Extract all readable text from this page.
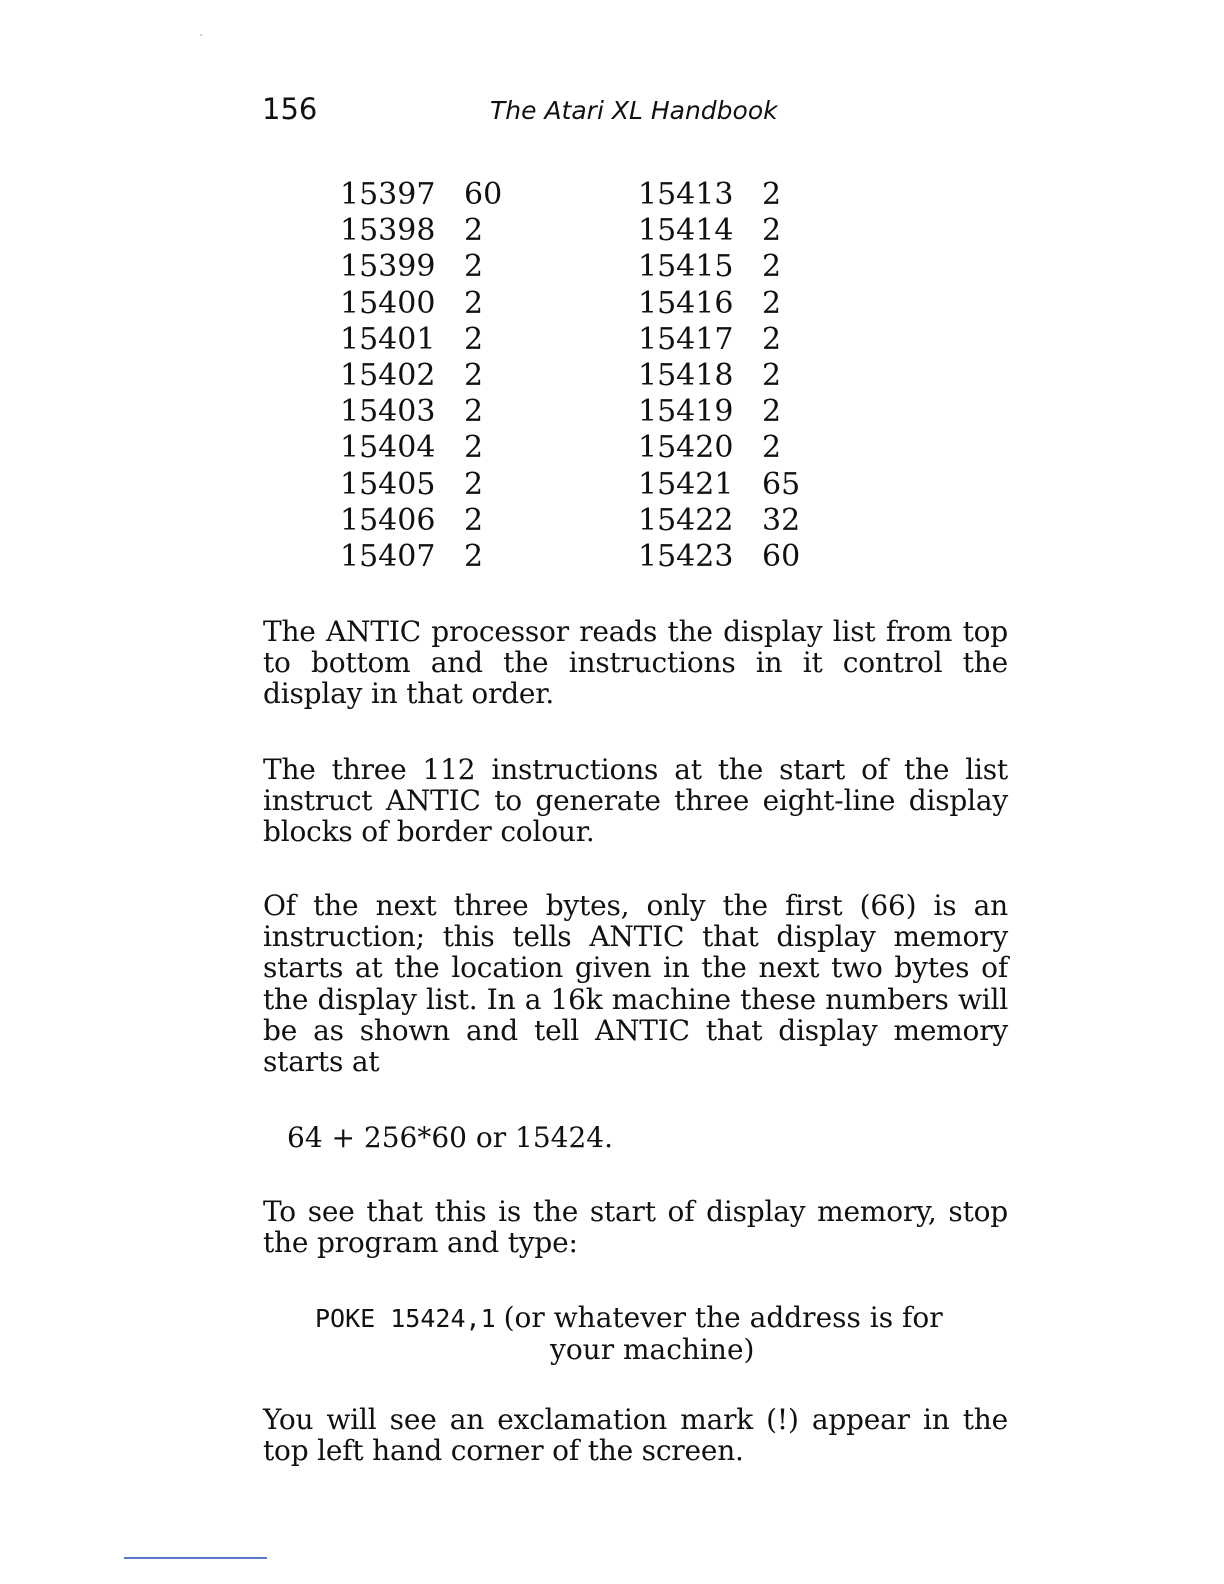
156	The Atari XL Handbook
15397 60
15398 2
15399 2
15400 2
15401 2
15402 2
15403 2
15404 2
15405 2
15406 2
15407 2
15413 2
15414 2
15415 2
15416 2
15417 2
15418 2
15419 2
15420 2
15421 65
15422 32
15423 60

The ANTIC processor reads the display list from top to bottom and the instructions in it control the display in that order.

The three 112 instructions at the start of the list instruct ANTIC to generate three eight-line display blocks of border colour.

Of the next three bytes, only the first (66) is an instruction; this tells ANTIC that display memory starts at the location given in the next two bytes of the display list. In a 16k machine these numbers will be as shown and tell ANTIC that display memory starts at

64 + 256*60 or 15424.

To see that this is the start of display memory, stop the program and type:

POKE 15424,1 (or whatever the address is for
your machine)

You will see an exclamation mark (!) appear in the top left hand corner of the screen.
